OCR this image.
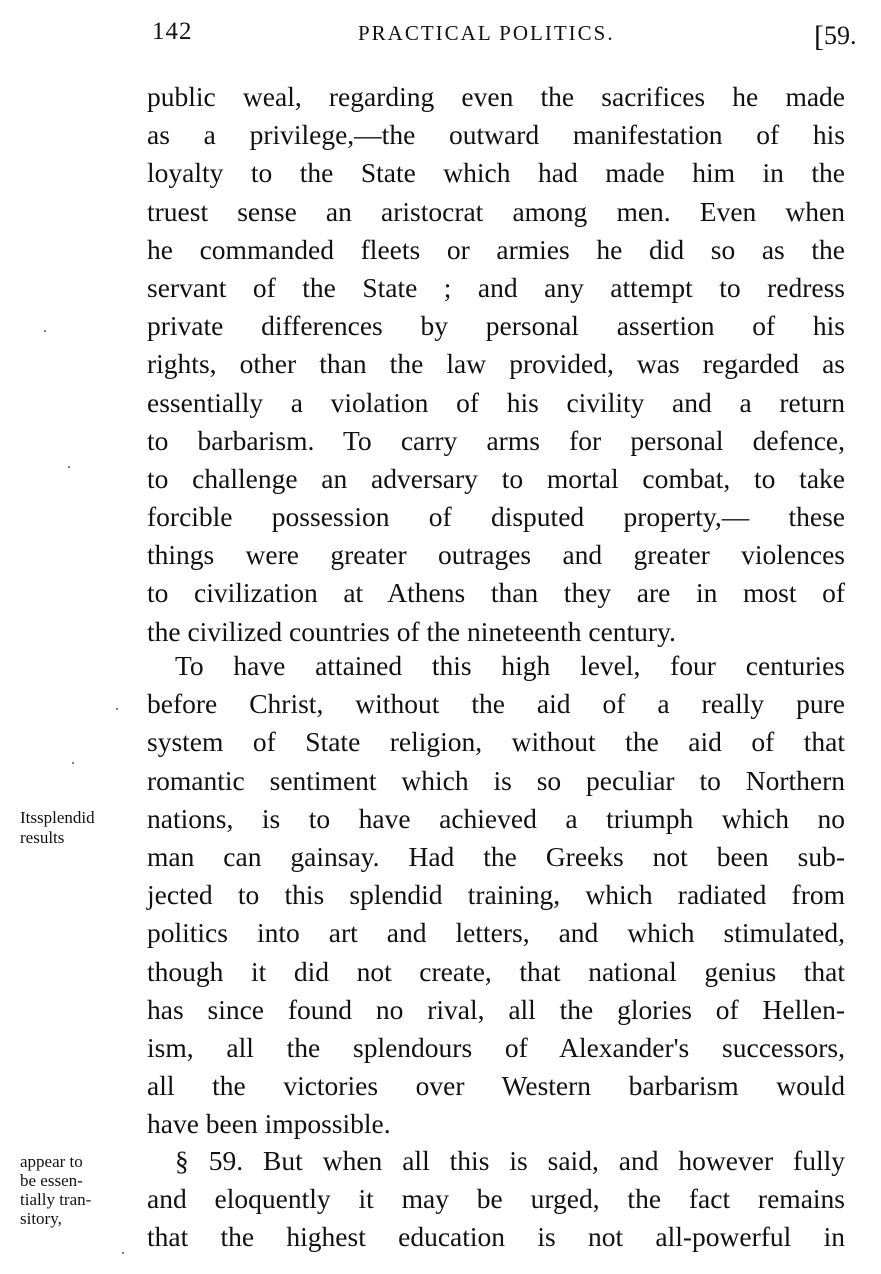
142	PRACTICAL POLITICS.	[59.
public weal, regarding even the sacrifices he made
as a privilege,—the outward manifestation of his
loyalty to the State which had made him in the
truest sense an aristocrat among men. Even when
he commanded fleets or armies he did so as the
servant of the State ; and any attempt to redress
private differences by personal assertion of his
rights, other than the law provided, was regarded as
essentially a violation of his civility and a return
to barbarism. To carry arms for personal defence,
to challenge an adversary to mortal combat, to take
forcible possession of disputed property,— these
things were greater outrages and greater violences
to civilization at Athens than they are in most of
the civilized countries of the nineteenth century.
To have attained this high level, four centuries
before Christ, without the aid of a really pure
system of State religion, without the aid of that
romantic sentiment which is so peculiar to Northern
nations, is to have achieved a triumph which no
man can gainsay. Had the Greeks not been sub-
jected to this splendid training, which radiated from
politics into art and letters, and which stimulated,
though it did not create, that national genius that
has since found no rival, all the glories of Hellen-
ism, all the splendours of Alexander's successors,
all the victories over Western barbarism would
have been impossible.
§ 59. But when all this is said, and however fully
and eloquently it may be urged, the fact remains
that the highest education is not all-powerful in
Itssplendid
results
appear to
be essen-
tially tran-
sitory,
